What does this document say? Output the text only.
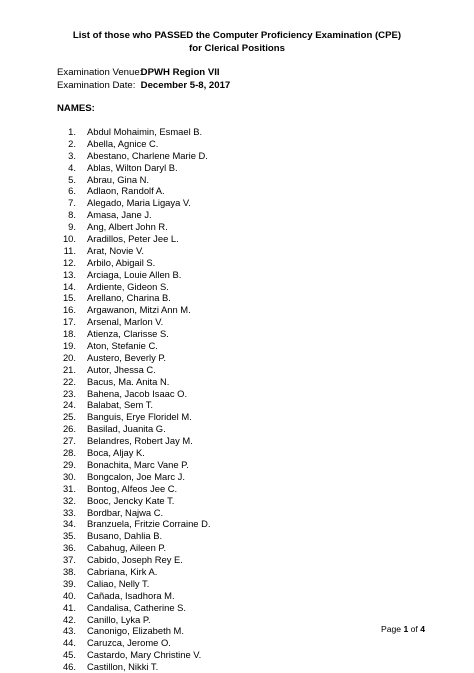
List of those who PASSED the Computer Proficiency Examination (CPE)
for Clerical Positions
Examination Venue: DPWH Region VII
Examination Date: December 5-8, 2017
NAMES:
1. Abdul Mohaimin, Esmael B.
2. Abella, Agnice C.
3. Abestano, Charlene Marie D.
4. Ablas, Wilton Daryl B.
5. Abrau, Gina N.
6. Adlaon, Randolf A.
7. Alegado, Maria Ligaya V.
8. Amasa, Jane J.
9. Ang, Albert John R.
10. Aradillos, Peter Jee L.
11. Arat, Novie V.
12. Arbilo, Abigail S.
13. Arciaga, Louie Allen B.
14. Ardiente, Gideon S.
15. Arellano, Charina B.
16. Argawanon, Mitzi Ann M.
17. Arsenal, Marlon V.
18. Atienza, Clarisse S.
19. Aton, Stefanie C.
20. Austero, Beverly P.
21. Autor, Jhessa C.
22. Bacus, Ma. Anita N.
23. Bahena, Jacob Isaac O.
24. Balabat, Sem T.
25. Banguis, Erye Floridel M.
26. Basilad, Juanita G.
27. Belandres, Robert Jay M.
28. Boca, Aljay K.
29. Bonachita, Marc Vane P.
30. Bongcalon, Joe Marc J.
31. Bontog, Alfeos Jee C.
32. Booc, Jencky Kate T.
33. Bordbar, Najwa C.
34. Branzuela, Fritzie Corraine D.
35. Busano, Dahlia B.
36. Cabahug, Aileen P.
37. Cabido, Joseph Rey E.
38. Cabriana, Kirk A.
39. Caliao, Nelly T.
40. Cañada, Isadhora M.
41. Candalisa, Catherine S.
42. Canillo, Lyka P.
43. Canonigo, Elizabeth M.
44. Caruzca, Jerome O.
45. Castardo, Mary Christine V.
46. Castillon, Nikki T.
Page 1 of 4
